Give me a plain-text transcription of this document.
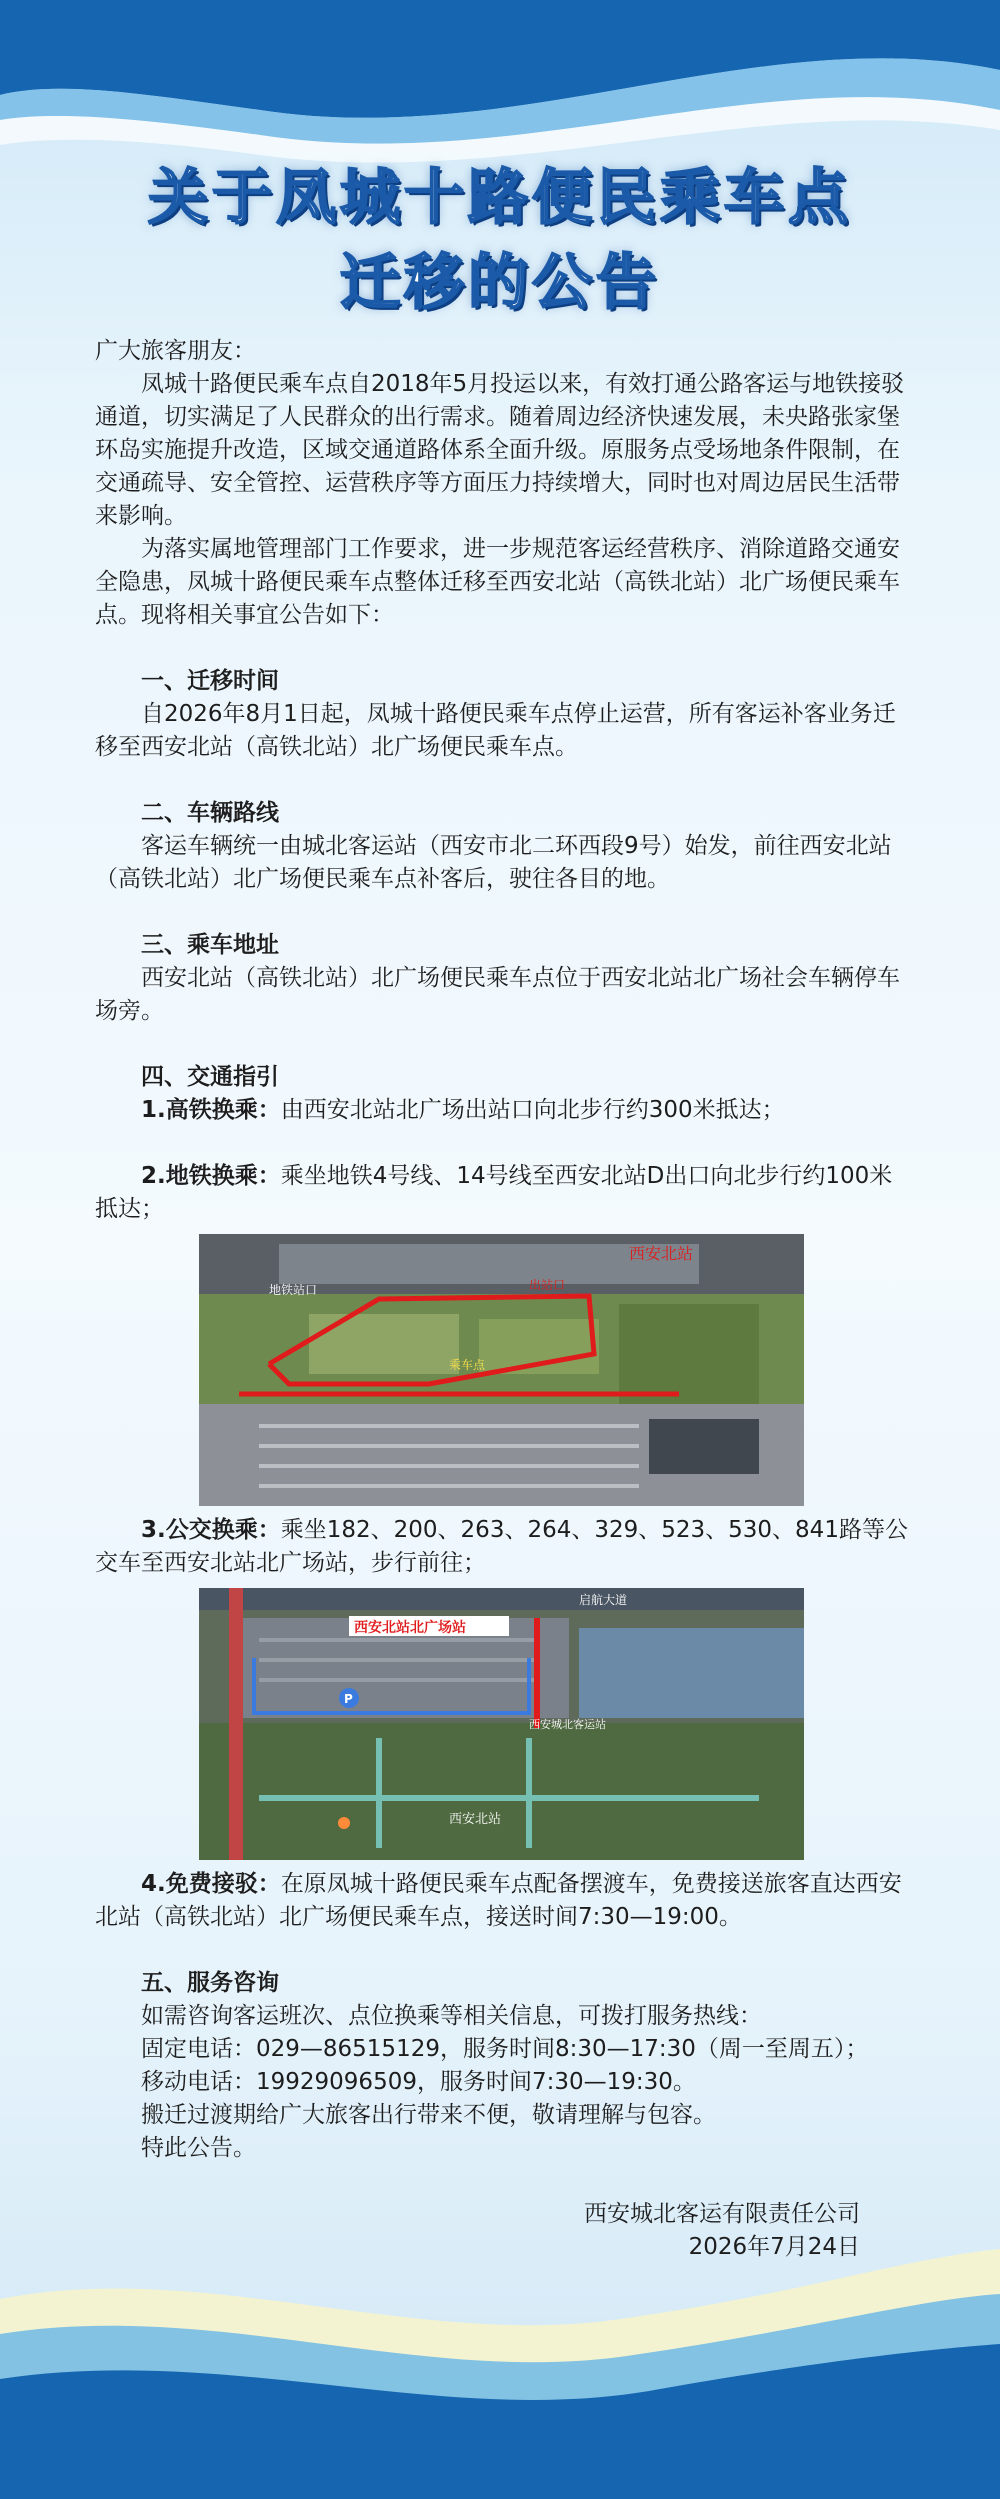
关于凤城十路便民乘车点
迁移的公告

广大旅客朋友：

凤城十路便民乘车点自2018年5月投运以来，有效打通公路客运与地铁接驳通道，切实满足了人民群众的出行需求。随着周边经济快速发展，未央路张家堡环岛实施提升改造，区域交通道路体系全面升级。原服务点受场地条件限制，在交通疏导、安全管控、运营秩序等方面压力持续增大，同时也对周边居民生活带来影响。

为落实属地管理部门工作要求，进一步规范客运经营秩序、消除道路交通安全隐患，凤城十路便民乘车点整体迁移至西安北站（高铁北站）北广场便民乘车点。现将相关事宜公告如下：

一、迁移时间

自2026年8月1日起，凤城十路便民乘车点停止运营，所有客运补客业务迁移至西安北站（高铁北站）北广场便民乘车点。

二、车辆路线

客运车辆统一由城北客运站（西安市北二环西段9号）始发，前往西安北站（高铁北站）北广场便民乘车点补客后，驶往各目的地。

三、乘车地址

西安北站（高铁北站）北广场便民乘车点位于西安北站北广场社会车辆停车场旁。

四、交通指引

1.高铁换乘：由西安北站北广场出站口向北步行约300米抵达；

2.地铁换乘：乘坐地铁4号线、14号线至西安北站D出口向北步行约100米抵达；

西安北站
地铁站口
乘车点
出站口

3.公交换乘：乘坐182、200、263、264、329、523、530、841路等公交车至西安北站北广场站，步行前往；

P
西安北站北广场站
启航大道
西安城北客运站
西安北站

4.免费接驳：在原凤城十路便民乘车点配备摆渡车，免费接送旅客直达西安北站（高铁北站）北广场便民乘车点，接送时间7:30—19:00。

五、服务咨询

如需咨询客运班次、点位换乘等相关信息，可拨打服务热线：

固定电话：029—86515129，服务时间8:30—17:30（周一至周五）；

移动电话：19929096509，服务时间7:30—19:30。

搬迁过渡期给广大旅客出行带来不便，敬请理解与包容。

特此公告。

西安城北客运有限责任公司

2026年7月24日
